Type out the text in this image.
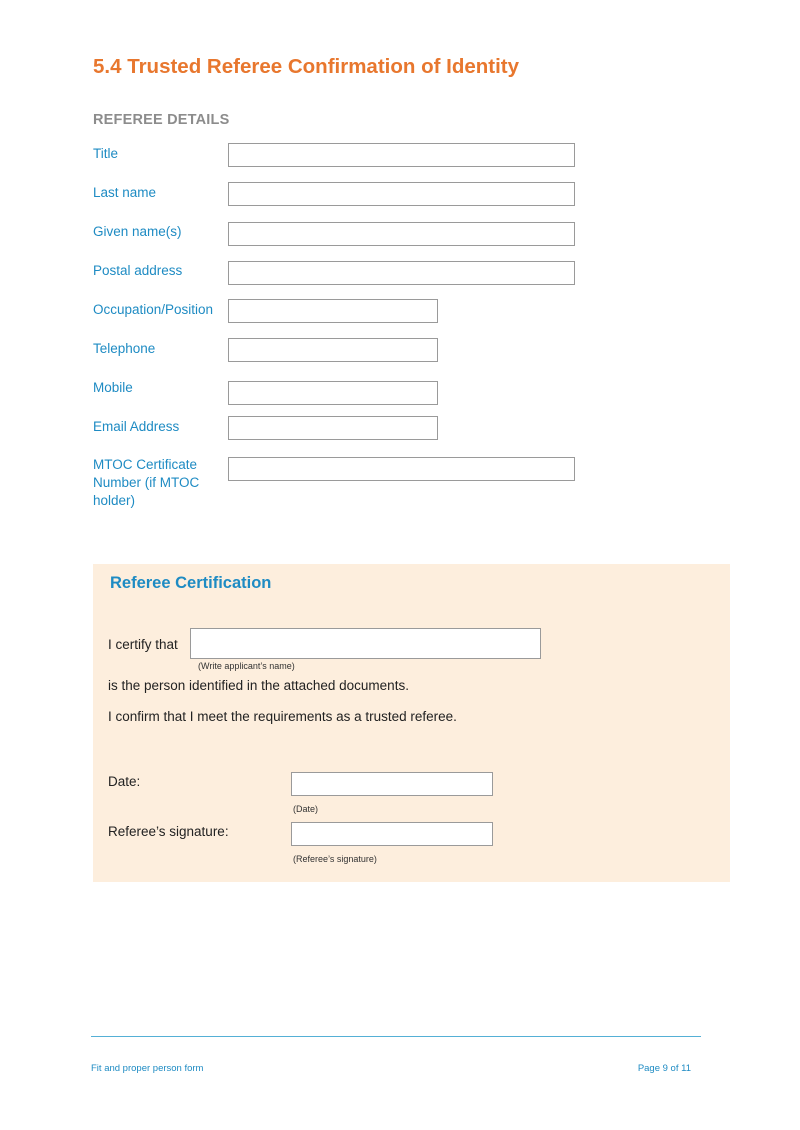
5.4 Trusted Referee Confirmation of Identity
REFEREE DETAILS
Title
Last name
Given name(s)
Postal address
Occupation/Position
Telephone
Mobile
Email Address
MTOC Certificate
Number (if MTOC
holder)
Referee Certification
I certify that
(Write applicant’s name)
is the person identified in the attached documents.
I confirm that I meet the requirements as a trusted referee.
Date:
(Date)
Referee’s signature:
(Referee’s signature)
Fit and proper person form	Page 9 of 11
